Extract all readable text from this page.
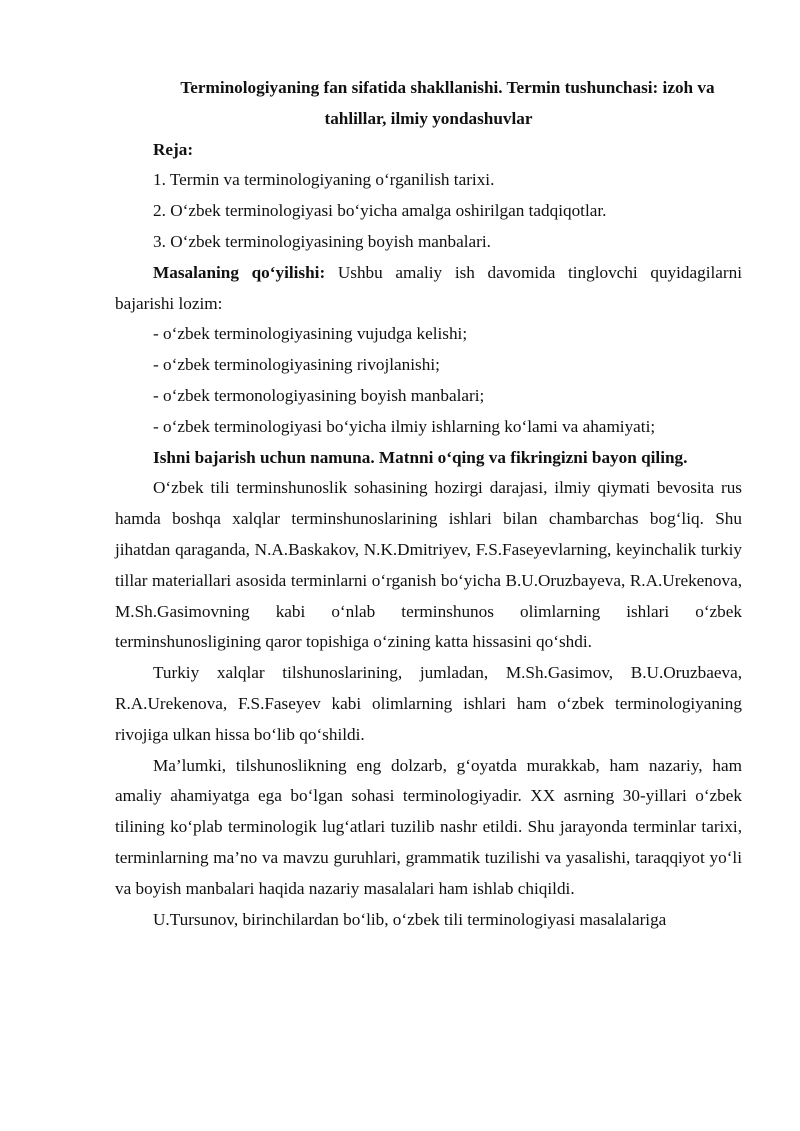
Terminologiyaning fan sifatida shakllanishi. Termin tushunchasi: izoh va tahlillar, ilmiy yondashuvlar

Reja:

1. Termin va terminologiyaning o‘rganilish tarixi.

2. O‘zbek terminologiyasi bo‘yicha amalga oshirilgan tadqiqotlar.

3. O‘zbek terminologiyasining boyish manbalari.

Masalaning qo‘yilishi: Ushbu amaliy ish davomida tinglovchi quyidagilarni bajarishi lozim:

- o‘zbek terminologiyasining vujudga kelishi;

- o‘zbek terminologiyasining rivojlanishi;

- o‘zbek termonologiyasining boyish manbalari;

- o‘zbek terminologiyasi bo‘yicha ilmiy ishlarning ko‘lami va ahamiyati;

Ishni bajarish uchun namuna. Matnni o‘qing va fikringizni bayon qiling.

O‘zbek tili terminshunoslik sohasining hozirgi darajasi, ilmiy qiymati bevosita rus hamda boshqa xalqlar terminshunoslarining ishlari bilan chambarchas bog‘liq. Shu jihatdan qaraganda, N.A.Baskakov, N.K.Dmitriyev, F.S.Faseyevlarning, keyinchalik turkiy tillar materiallari asosida terminlarni o‘rganish bo‘yicha B.U.Oruzbayeva, R.A.Urekenova, M.Sh.Gasimovning kabi o‘nlab terminshunos olimlarning ishlari o‘zbek terminshunosligining qaror topishiga o‘zining katta hissasini qo‘shdi.

Turkiy xalqlar tilshunoslarining, jumladan, M.Sh.Gasimov, B.U.Oruzbaeva, R.A.Urekenova, F.S.Faseyev kabi olimlarning ishlari ham o‘zbek terminologiyaning rivojiga ulkan hissa bo‘lib qo‘shildi.

Ma’lumki, tilshunoslikning eng dolzarb, g‘oyatda murakkab, ham nazariy, ham amaliy ahamiyatga ega bo‘lgan sohasi terminologiyadir. XX asrning 30-yillari o‘zbek tilining ko‘plab terminologik lug‘atlari tuzilib nashr etildi. Shu jarayonda terminlar tarixi, terminlarning ma’no va mavzu guruhlari, grammatik tuzilishi va yasalishi, taraqqiyot yo‘li va boyish manbalari haqida nazariy masalalari ham ishlab chiqildi.

U.Tursunov, birinchilardan bo‘lib, o‘zbek tili terminologiyasi masalalariga
